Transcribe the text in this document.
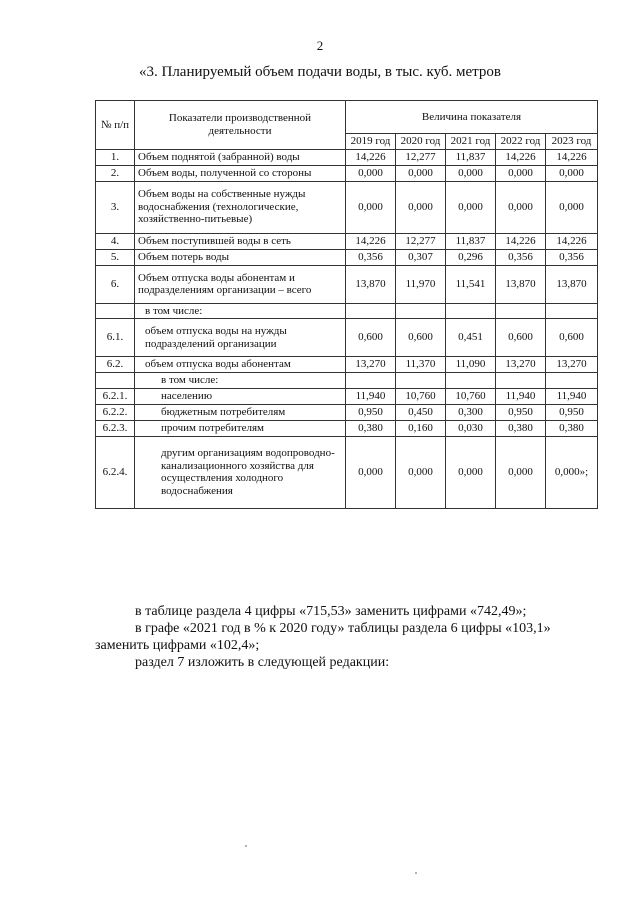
2
«3. Планируемый объем подачи воды, в тыс. куб. метров
№ п/п	Показатели производственной деятельности	Величина показателя				
		2019 год	2020 год	2021 год	2022 год	2023 год
1.	Объем поднятой (забранной) воды	14,226	12,277	11,837	14,226	14,226
2.	Объем воды, полученной со стороны	0,000	0,000	0,000	0,000	0,000
3.	Объем воды на собственные нужды водоснабжения (технологические, хозяйственно-питьевые)	0,000	0,000	0,000	0,000	0,000
4.	Объем поступившей воды в сеть	14,226	12,277	11,837	14,226	14,226
5.	Объем потерь воды	0,356	0,307	0,296	0,356	0,356
6.	Объем отпуска воды абонентам и подразделениям организации – всего	13,870	11,970	11,541	13,870	13,870
	в том числе:					
6.1.	объем отпуска воды на нужды подразделений организации	0,600	0,600	0,451	0,600	0,600
6.2.	объем отпуска воды абонентам	13,270	11,370	11,090	13,270	13,270
	в том числе:					
6.2.1.	населению	11,940	10,760	10,760	11,940	11,940
6.2.2.	бюджетным потребителям	0,950	0,450	0,300	0,950	0,950
6.2.3.	прочим потребителям	0,380	0,160	0,030	0,380	0,380
6.2.4.	другим организациям водопроводно-канализационного хозяйства для осуществления холодного водоснабжения	0,000	0,000	0,000	0,000	0,000»;
в таблице раздела 4 цифры «715,53» заменить цифрами «742,49»;
в графе «2021 год в % к 2020 году» таблицы раздела 6 цифры «103,1» заменить цифрами «102,4»;
раздел 7 изложить в следующей редакции:
